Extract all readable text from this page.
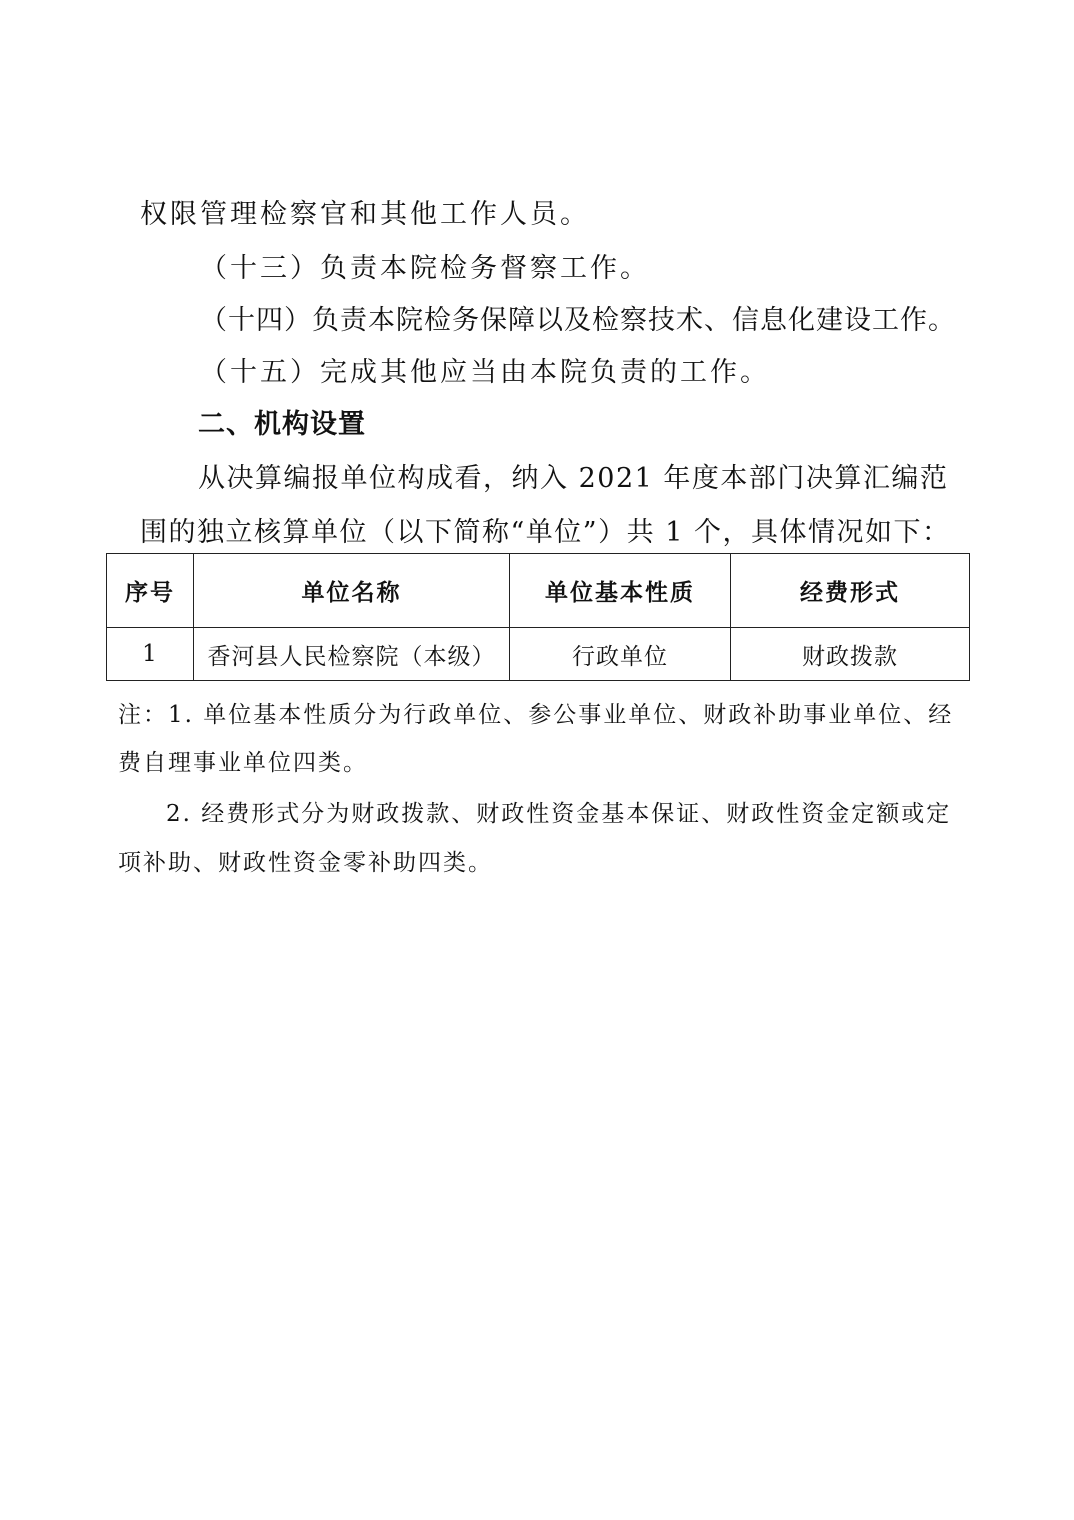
权限管理检察官和其他工作人员。

（十三）负责本院检务督察工作。

（十四）负责本院检务保障以及检察技术、信息化建设工作。

（十五）完成其他应当由本院负责的工作。

二、机构设置

从决算编报单位构成看，纳入 2021 年度本部门决算汇编范

围的独立核算单位（以下简称“单位”）共 1 个，具体情况如下：

序号	单位名称	单位基本性质	经费形式
1	香河县人民检察院（本级）	行政单位	财政拨款

注：1. 单位基本性质分为行政单位、参公事业单位、财政补助事业单位、经

费自理事业单位四类。

2. 经费形式分为财政拨款、财政性资金基本保证、财政性资金定额或定

项补助、财政性资金零补助四类。
